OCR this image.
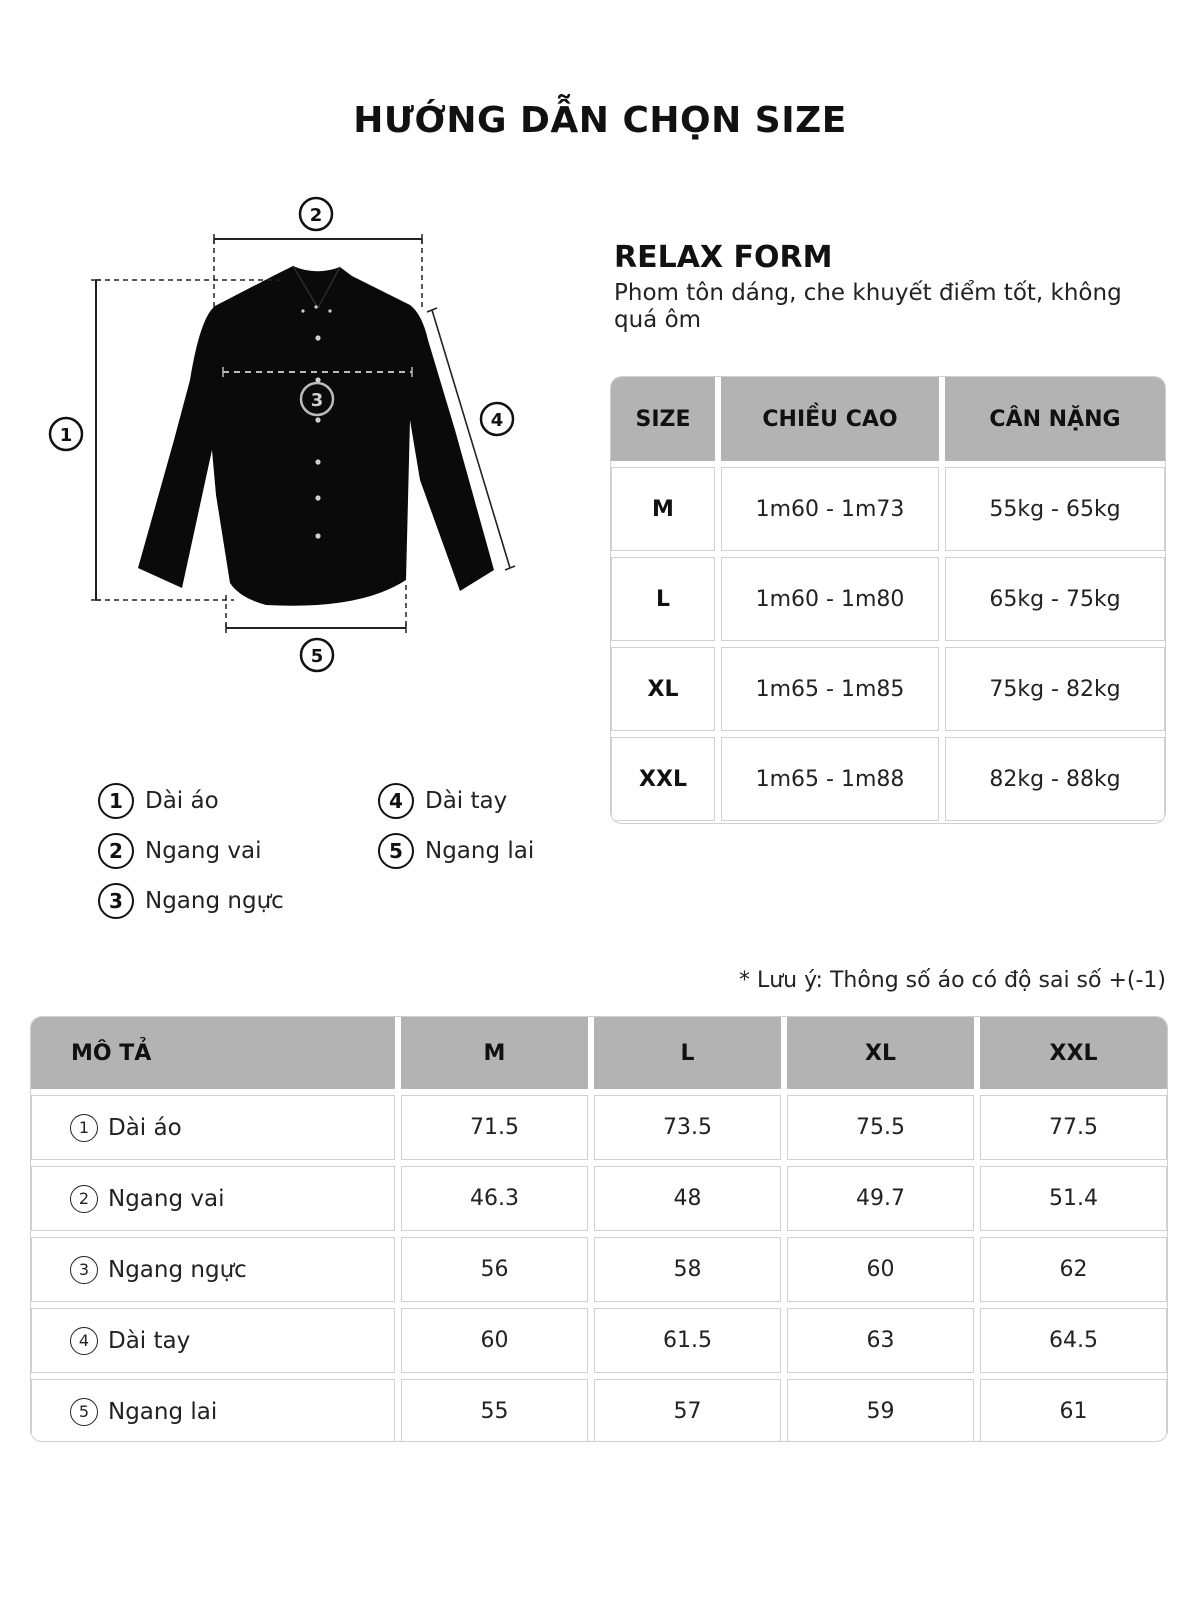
HƯỚNG DẪN CHỌN SIZE
1
2
3
4
5
1 Dài áo
2 Ngang vai
3 Ngang ngực
4 Dài tay
5 Ngang lai
RELAX FORM
Phom tôn dáng, che khuyết điểm tốt, không quá ôm
SIZE	CHIỀU CAO	CÂN NẶNG
M	1m60 - 1m73	55kg - 65kg
L	1m60 - 1m80	65kg - 75kg
XL	1m65 - 1m85	75kg - 82kg
XXL	1m65 - 1m88	82kg - 88kg
* Lưu ý: Thông số áo có độ sai số +(-1)
MÔ TẢ	M	L	XL	XXL

1 Dài áo	71.5	73.5	75.5	77.5

2 Ngang vai	46.3	48	49.7	51.4

3 Ngang ngực	56	58	60	62

4 Dài tay	60	61.5	63	64.5

5 Ngang lai	55	57	59	61
